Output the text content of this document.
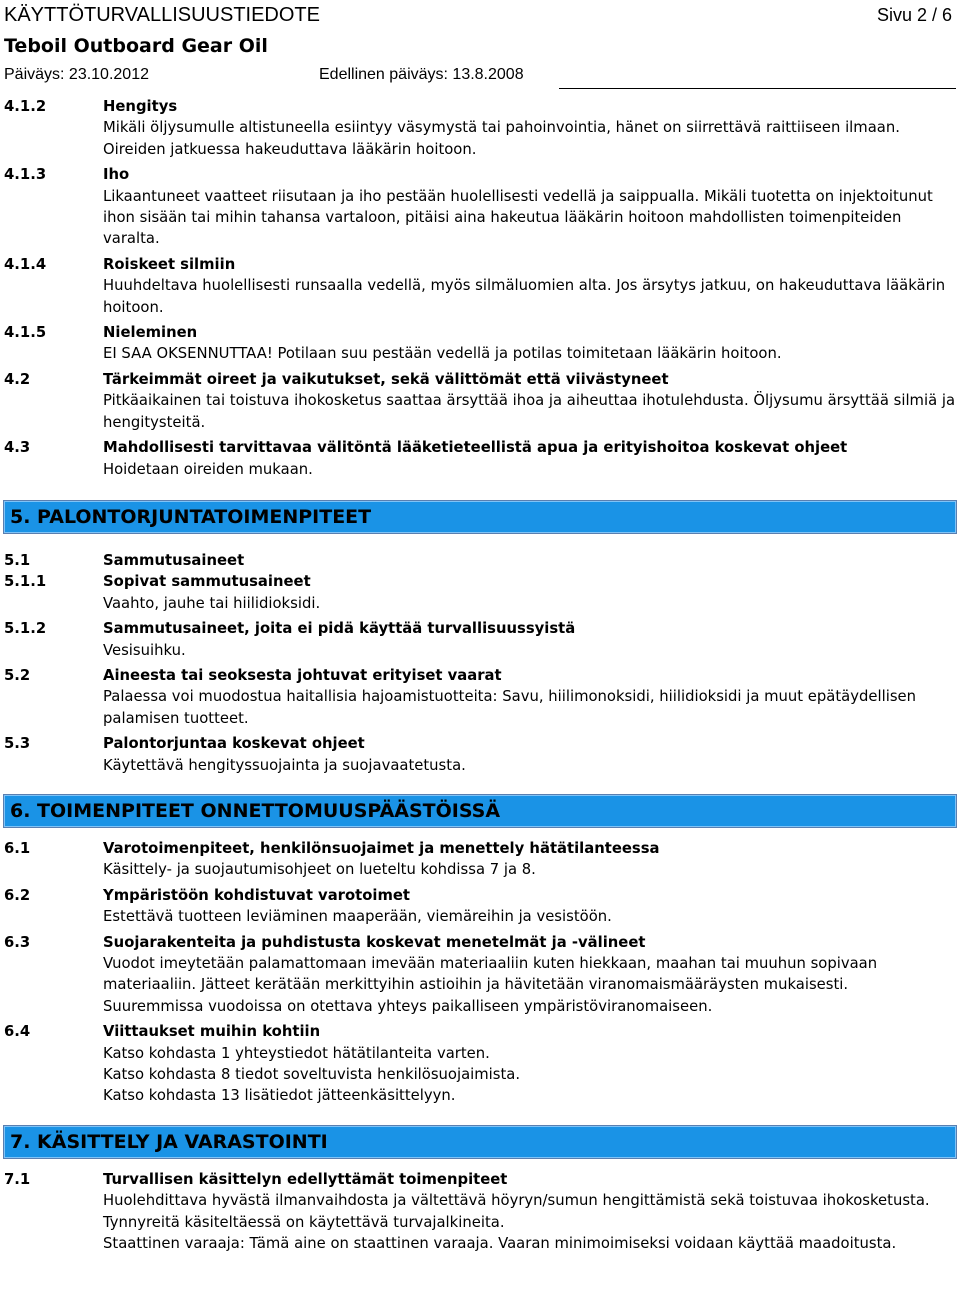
KÄYTTÖTURVALLISUUSTIEDOTE	Sivu 2 / 6
Teboil Outboard Gear Oil
Päiväys: 23.10.2012	Edellinen päiväys: 13.8.2008
4.1.2	Hengitys
Mikäli öljysumulle altistuneella esiintyy väsymystä tai pahoinvointia, hänet on siirrettävä raittiiseen ilmaan.
Oireiden jatkuessa hakeuduttava lääkärin hoitoon.
4.1.3	Iho
Likaantuneet vaatteet riisutaan ja iho pestään huolellisesti vedellä ja saippualla. Mikäli tuotetta on injektoitunut ihon sisään tai mihin tahansa vartaloon, pitäisi aina hakeutua lääkärin hoitoon mahdollisten toimenpiteiden varalta.
4.1.4	Roiskeet silmiin
Huuhdeltava huolellisesti runsaalla vedellä, myös silmäluomien alta. Jos ärsytys jatkuu, on hakeuduttava lääkärin hoitoon.
4.1.5	Nieleminen
EI SAA OKSENNUTTAA! Potilaan suu pestään vedellä ja potilas toimitetaan lääkärin hoitoon.
4.2	Tärkeimmät oireet ja vaikutukset, sekä välittömät että viivästyneet
Pitkäaikainen tai toistuva ihokosketus saattaa ärsyttää ihoa ja aiheuttaa ihotulehdusta. Öljysumu ärsyttää silmiä ja hengitysteitä.
4.3	Mahdollisesti tarvittavaa välitöntä lääketieteellistä apua ja erityishoitoa koskevat ohjeet
Hoidetaan oireiden mukaan.
5. PALONTORJUNTATOIMENPITEET
5.1	Sammutusaineet
5.1.1	Sopivat sammutusaineet
Vaahto, jauhe tai hiilidioksidi.
5.1.2	Sammutusaineet, joita ei pidä käyttää turvallisuussyistä
Vesisuihku.
5.2	Aineesta tai seoksesta johtuvat erityiset vaarat
Palaessa voi muodostua haitallisia hajoamistuotteita: Savu, hiilimonoksidi, hiilidioksidi ja muut epätäydellisen palamisen tuotteet.
5.3	Palontorjuntaa koskevat ohjeet
Käytettävä hengityssuojainta ja suojavaatetusta.
6. TOIMENPITEET ONNETTOMUUSPÄÄSTÖISSÄ
6.1	Varotoimenpiteet, henkilönsuojaimet ja menettely hätätilanteessa
Käsittely- ja suojautumisohjeet on lueteltu kohdissa 7 ja 8.
6.2	Ympäristöön kohdistuvat varotoimet
Estettävä tuotteen leviäminen maaperään, viemäreihin ja vesistöön.
6.3	Suojarakenteita ja puhdistusta koskevat menetelmät ja -välineet
Vuodot imeytetään palamattomaan imevään materiaaliin kuten hiekkaan, maahan tai muuhun sopivaan materiaaliin. Jätteet kerätään merkittyihin astioihin ja hävitetään viranomaismääräysten mukaisesti.
Suuremmissa vuodoissa on otettava yhteys paikalliseen ympäristöviranomaiseen.
6.4	Viittaukset muihin kohtiin
Katso kohdasta 1 yhteystiedot hätätilanteita varten.
Katso kohdasta 8 tiedot soveltuvista henkilösuojaimista.
Katso kohdasta 13 lisätiedot jätteenkäsittelyyn.
7. KÄSITTELY JA VARASTOINTI
7.1	Turvallisen käsittelyn edellyttämät toimenpiteet
Huolehdittava hyvästä ilmanvaihdosta ja vältettävä höyryn/sumun hengittämistä sekä toistuvaa ihokosketusta.
Tynnyreitä käsiteltäessä on käytettävä turvajalkineita.
Staattinen varaaja: Tämä aine on staattinen varaaja. Vaaran minimoimiseksi voidaan käyttää maadoitusta.
